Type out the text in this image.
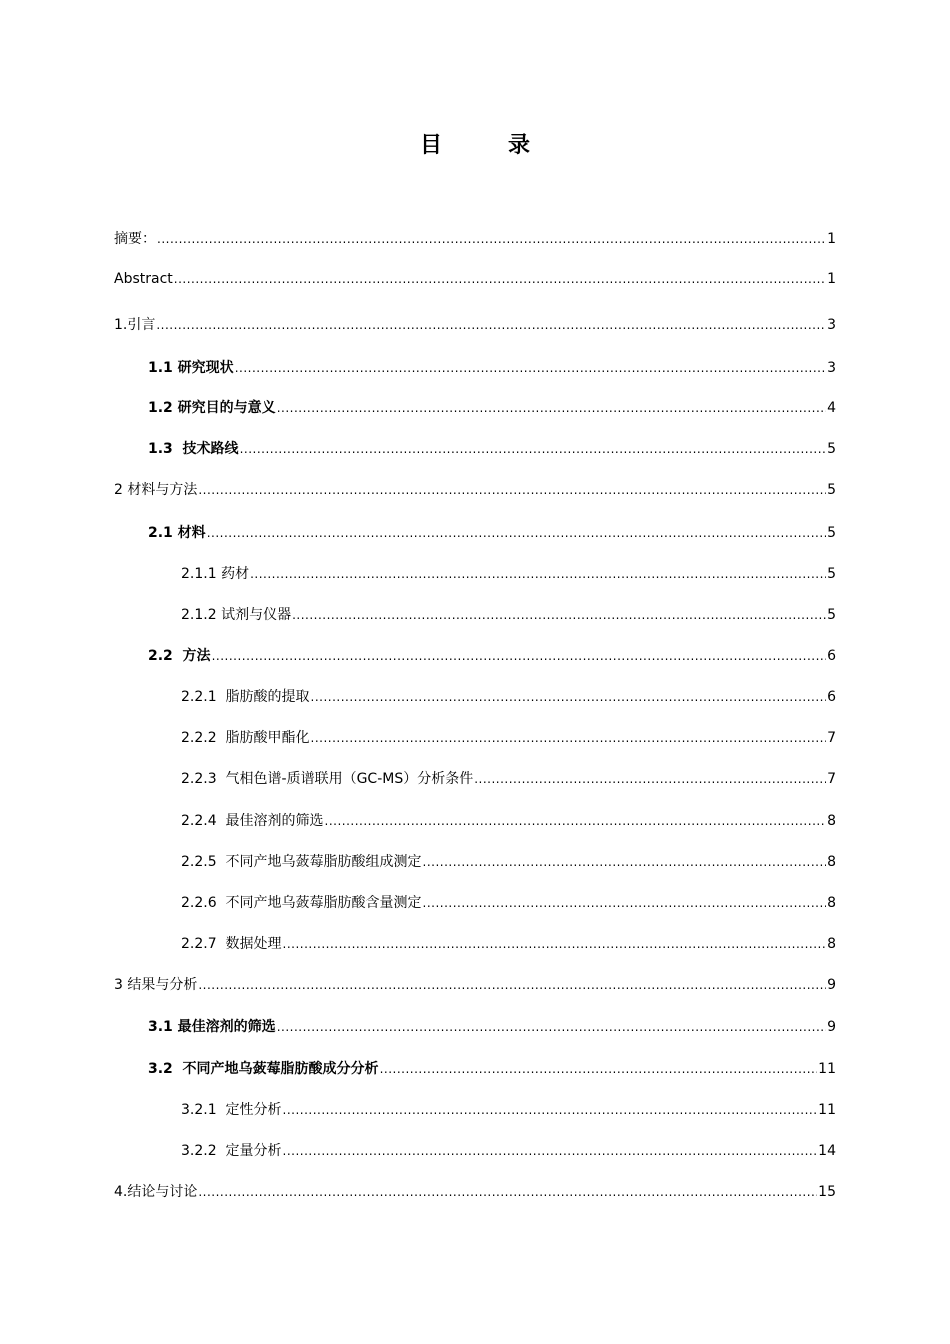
目　录
摘要： .....	1
Abstract .....	1
1.引言 .....	3
1.1 研究现状 .....	3
1.2 研究目的与意义 .....	4
1.3  技术路线 .....	5
2 材料与方法 .....	5
2.1 材料 .....	5
2.1.1 药材 .....	5
2.1.2 试剂与仪器 .....	5
2.2  方法 .....	6
2.2.1  脂肪酸的提取 .....	6
2.2.2  脂肪酸甲酯化 .....	7
2.2.3  气相色谱-质谱联用（GC-MS）分析条件 .....	7
2.2.4  最佳溶剂的筛选 .....	8
2.2.5  不同产地乌蔹莓脂肪酸组成测定 .....	8
2.2.6  不同产地乌蔹莓脂肪酸含量测定 .....	8
2.2.7  数据处理 .....	8
3 结果与分析 .....	9
3.1 最佳溶剂的筛选 .....	9
3.2  不同产地乌蔹莓脂肪酸成分分析 .....	11
3.2.1  定性分析 .....	11
3.2.2  定量分析 .....	14
4.结论与讨论 .....	15
